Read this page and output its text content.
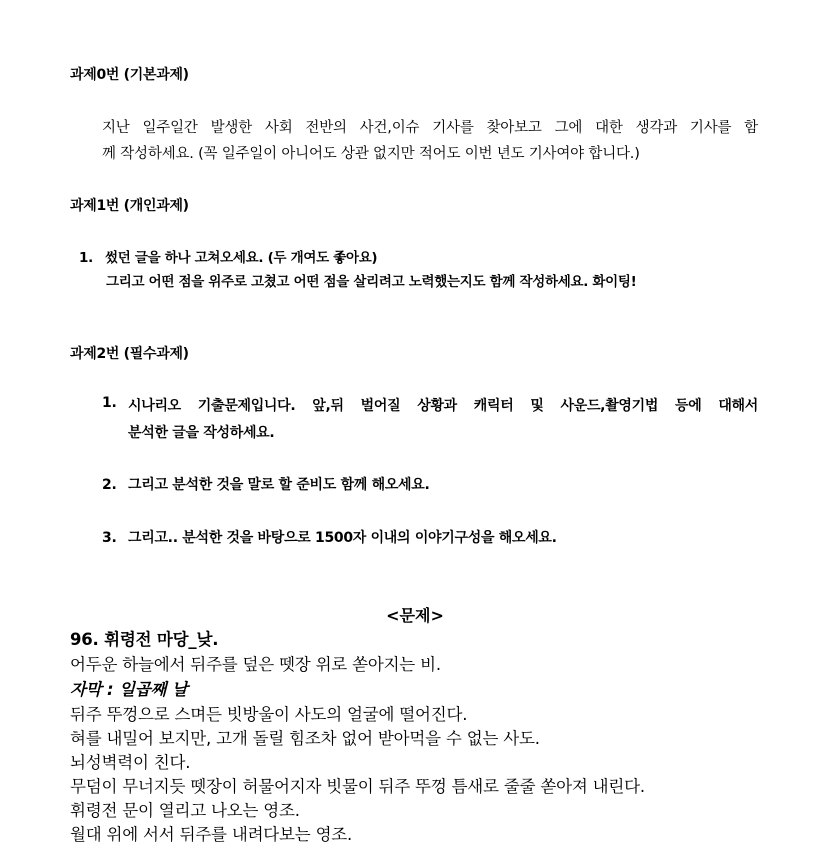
과제0번 (기본과제)
지난 일주일간 발생한 사회 전반의 사건,이슈 기사를 찾아보고 그에 대한 생각과 기사를 함
께 작성하세요. (꼭 일주일이 아니어도 상관 없지만 적어도 이번 년도 기사여야 합니다.)
과제1번 (개인과제)
1. 썼던 글을 하나 고쳐오세요. (두 개여도 좋아요)
그리고 어떤 점을 위주로 고쳤고 어떤 점을 살리려고 노력했는지도 함께 작성하세요. 화이팅!
과제2번 (필수과제)
1. 시나리오 기출문제입니다. 앞,뒤 벌어질 상황과 캐릭터 및 사운드,촬영기법 등에 대해서
분석한 글을 작성하세요.
2. 그리고 분석한 것을 말로 할 준비도 함께 해오세요.
3. 그리고.. 분석한 것을 바탕으로 1500자 이내의 이야기구성을 해오세요.
<문제>
96. 휘령전 마당_낮.
어두운 하늘에서 뒤주를 덮은 뗏장 위로 쏟아지는 비.
자막 : 일곱째 날
뒤주 뚜껑으로 스며든 빗방울이 사도의 얼굴에 떨어진다.
혀를 내밀어 보지만, 고개 돌릴 힘조차 없어 받아먹을 수 없는 사도.
뇌성벽력이 친다.
무덤이 무너지듯 뗏장이 허물어지자 빗물이 뒤주 뚜껑 틈새로 줄줄 쏟아져 내린다.
휘령전 문이 열리고 나오는 영조.
월대 위에 서서 뒤주를 내려다보는 영조.
